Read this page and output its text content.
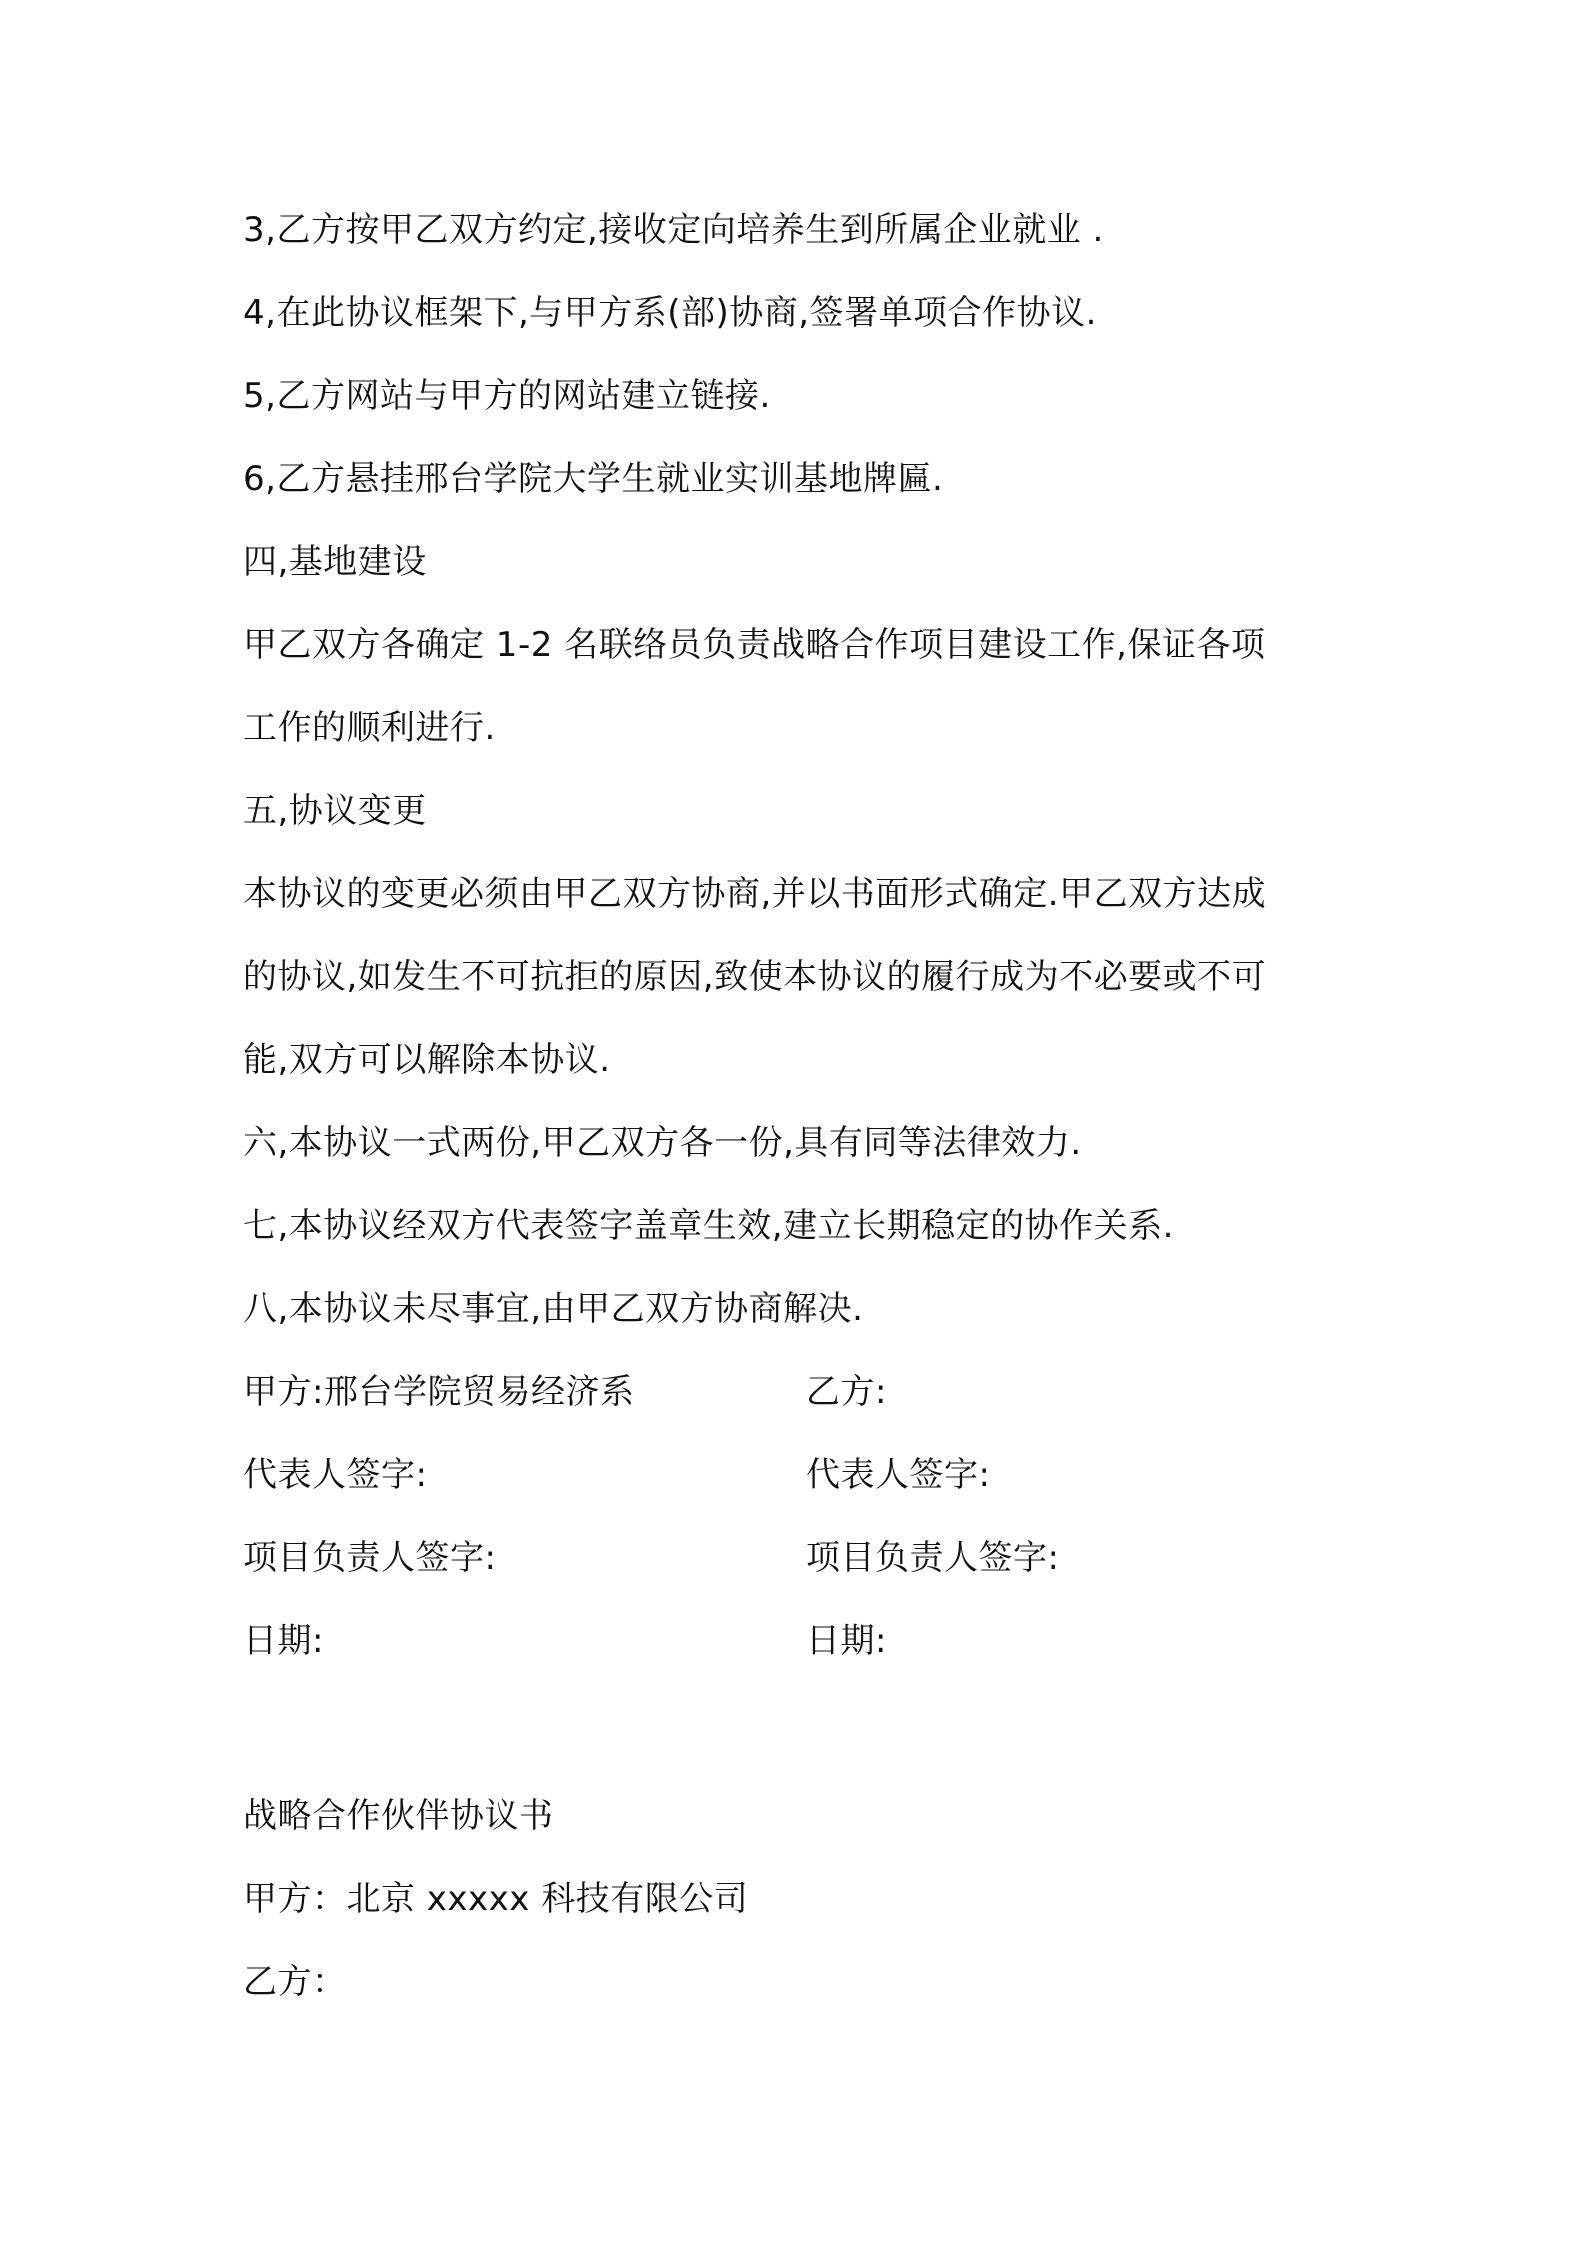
3,乙方按甲乙双方约定,接收定向培养生到所属企业就业 .
4,在此协议框架下,与甲方系(部)协商,签署单项合作协议.
5,乙方网站与甲方的网站建立链接.
6,乙方悬挂邢台学院大学生就业实训基地牌匾.
四,基地建设
甲乙双方各确定 1-2 名联络员负责战略合作项目建设工作,保证各项
工作的顺利进行.
五,协议变更
本协议的变更必须由甲乙双方协商,并以书面形式确定.甲乙双方达成
的协议,如发生不可抗拒的原因,致使本协议的履行成为不必要或不可
能,双方可以解除本协议.
六,本协议一式两份,甲乙双方各一份,具有同等法律效力.
七,本协议经双方代表签字盖章生效,建立长期稳定的协作关系.
八,本协议未尽事宜,由甲乙双方协商解决.
甲方:邢台学院贸易经济系	乙方:
代表人签字:	代表人签字:
项目负责人签字:	项目负责人签字:
日期:	日期:
战略合作伙伴协议书
甲方：北京 xxxxx 科技有限公司
乙方：
